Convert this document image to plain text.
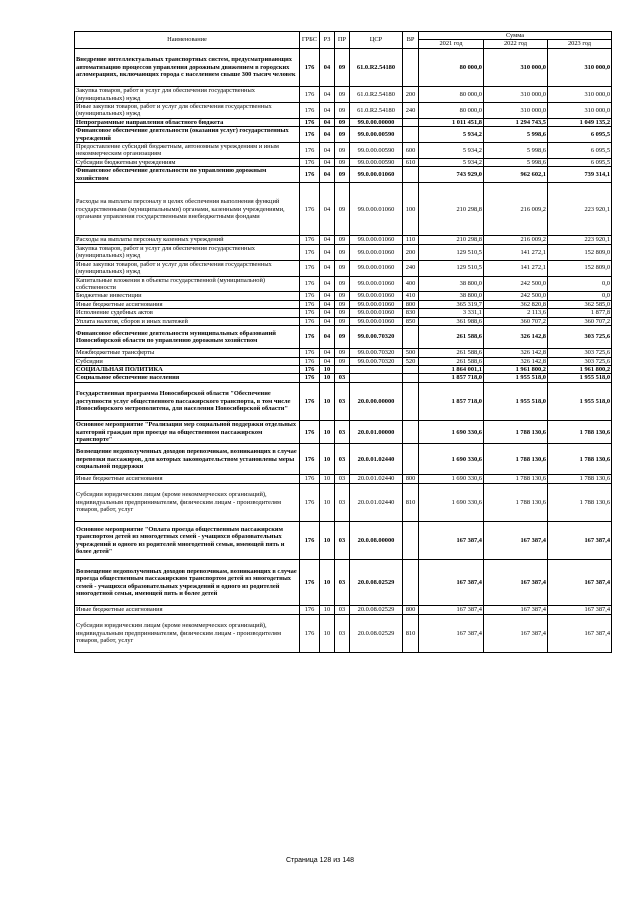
Наименование	ГРБС	РЗ	ПР	ЦСР	ВР	Сумма		
						2021 год	2022 год	2023 год
Внедрение интеллектуальных транспортных систем, предусматривающих автоматизацию процессов управления дорожным движением в городских агломерациях, включающих города с населением свыше 300 тысяч человек	176	04	09	61.0.R2.54180		80 000,0	310 000,0	310 000,0
Закупка товаров, работ и услуг для обеспечения государственных (муниципальных) нужд	176	04	09	61.0.R2.54180	200	80 000,0	310 000,0	310 000,0
Иные закупки товаров, работ и услуг для обеспечения государственных (муниципальных) нужд	176	04	09	61.0.R2.54180	240	80 000,0	310 000,0	310 000,0
Непрограммные направления областного бюджета	176	04	09	99.0.00.00000		1 011 451,8	1 294 743,5	1 049 135,2
Финансовое обеспечение деятельности (оказания услуг) государственных учреждений	176	04	09	99.0.00.00590		5 934,2	5 998,6	6 095,5
Предоставление субсидий бюджетным, автономным учреждениям и иным некоммерческим организациям	176	04	09	99.0.00.00590	600	5 934,2	5 998,6	6 095,5
Субсидии бюджетным учреждениям	176	04	09	99.0.00.00590	610	5 934,2	5 998,6	6 095,5
Финансовое обеспечение деятельности по управлению дорожным хозяйством	176	04	09	99.0.00.01060		743 929,0	962 602,1	739 314,1
Расходы на выплаты персоналу в целях обеспечения выполнения функций государственными (муниципальными) органами, казенными учреждениями, органами управления государственными внебюджетными фондами	176	04	09	99.0.00.01060	100	210 298,8	216 009,2	223 920,1
Расходы на выплаты персоналу казенных учреждений	176	04	09	99.0.00.01060	110	210 298,8	216 009,2	223 920,1
Закупка товаров, работ и услуг для обеспечения государственных (муниципальных) нужд	176	04	09	99.0.00.01060	200	129 510,5	141 272,1	152 809,0
Иные закупки товаров, работ и услуг для обеспечения государственных (муниципальных) нужд	176	04	09	99.0.00.01060	240	129 510,5	141 272,1	152 809,0
Капитальные вложения в объекты государственной (муниципальной) собственности	176	04	09	99.0.00.01060	400	38 800,0	242 500,0	0,0
Бюджетные инвестиции	176	04	09	99.0.00.01060	410	38 800,0	242 500,0	0,0
Иные бюджетные ассигнования	176	04	09	99.0.00.01060	800	365 319,7	362 820,8	362 585,0
Исполнение судебных актов	176	04	09	99.0.00.01060	830	3 331,1	2 113,6	1 877,8
Уплата налогов, сборов и иных платежей	176	04	09	99.0.00.01060	850	361 988,6	360 707,2	360 707,2
Финансовое обеспечение деятельности муниципальных образований Новосибирской области по управлению дорожным хозяйством	176	04	09	99.0.00.70320		261 588,6	326 142,8	303 725,6
Межбюджетные трансферты	176	04	09	99.0.00.70320	500	261 588,6	326 142,8	303 725,6
Субсидии	176	04	09	99.0.00.70320	520	261 588,6	326 142,8	303 725,6
СОЦИАЛЬНАЯ ПОЛИТИКА	176	10				1 864 001,1	1 961 800,2	1 961 800,2
Социальное обеспечение населения	176	10	03			1 857 718,0	1 955 518,0	1 955 518,0
Государственная программа Новосибирской области "Обеспечение доступности услуг общественного пассажирского транспорта, в том числе Новосибирского метрополитена, для населения Новосибирской области"	176	10	03	20.0.00.00000		1 857 718,0	1 955 518,0	1 955 518,0
Основное мероприятие "Реализация мер социальной поддержки отдельных категорий граждан при проезде на общественном пассажирском транспорте"	176	10	03	20.0.01.00000		1 690 330,6	1 788 130,6	1 788 130,6
Возмещение недополученных доходов перевозчикам, возникающих в случае перевозки пассажиров, для которых законодательством установлены меры социальной поддержки	176	10	03	20.0.01.02440		1 690 330,6	1 788 130,6	1 788 130,6
Иные бюджетные ассигнования	176	10	03	20.0.01.02440	800	1 690 330,6	1 788 130,6	1 788 130,6
Субсидии юридическим лицам (кроме некоммерческих организаций), индивидуальным предпринимателям, физическим лицам - производителям товаров, работ, услуг	176	10	03	20.0.01.02440	810	1 690 330,6	1 788 130,6	1 788 130,6
Основное мероприятие "Оплата проезда общественным пассажирским транспортом детей из многодетных семей - учащихся образовательных учреждений и одного из родителей многодетной семьи, имеющей пять и более детей"	176	10	03	20.0.08.00000		167 387,4	167 387,4	167 387,4
Возмещение недополученных доходов перевозчикам, возникающих в случае проезда общественным пассажирским транспортом детей из многодетных семей - учащихся образовательных учреждений и одного из родителей многодетной семьи, имеющей пять и более детей	176	10	03	20.0.08.02529		167 387,4	167 387,4	167 387,4
Иные бюджетные ассигнования	176	10	03	20.0.08.02529	800	167 387,4	167 387,4	167 387,4
Субсидии юридическим лицам (кроме некоммерческих организаций), индивидуальным предпринимателям, физическим лицам - производителям товаров, работ, услуг	176	10	03	20.0.08.02529	810	167 387,4	167 387,4	167 387,4
Страница 128 из 148
